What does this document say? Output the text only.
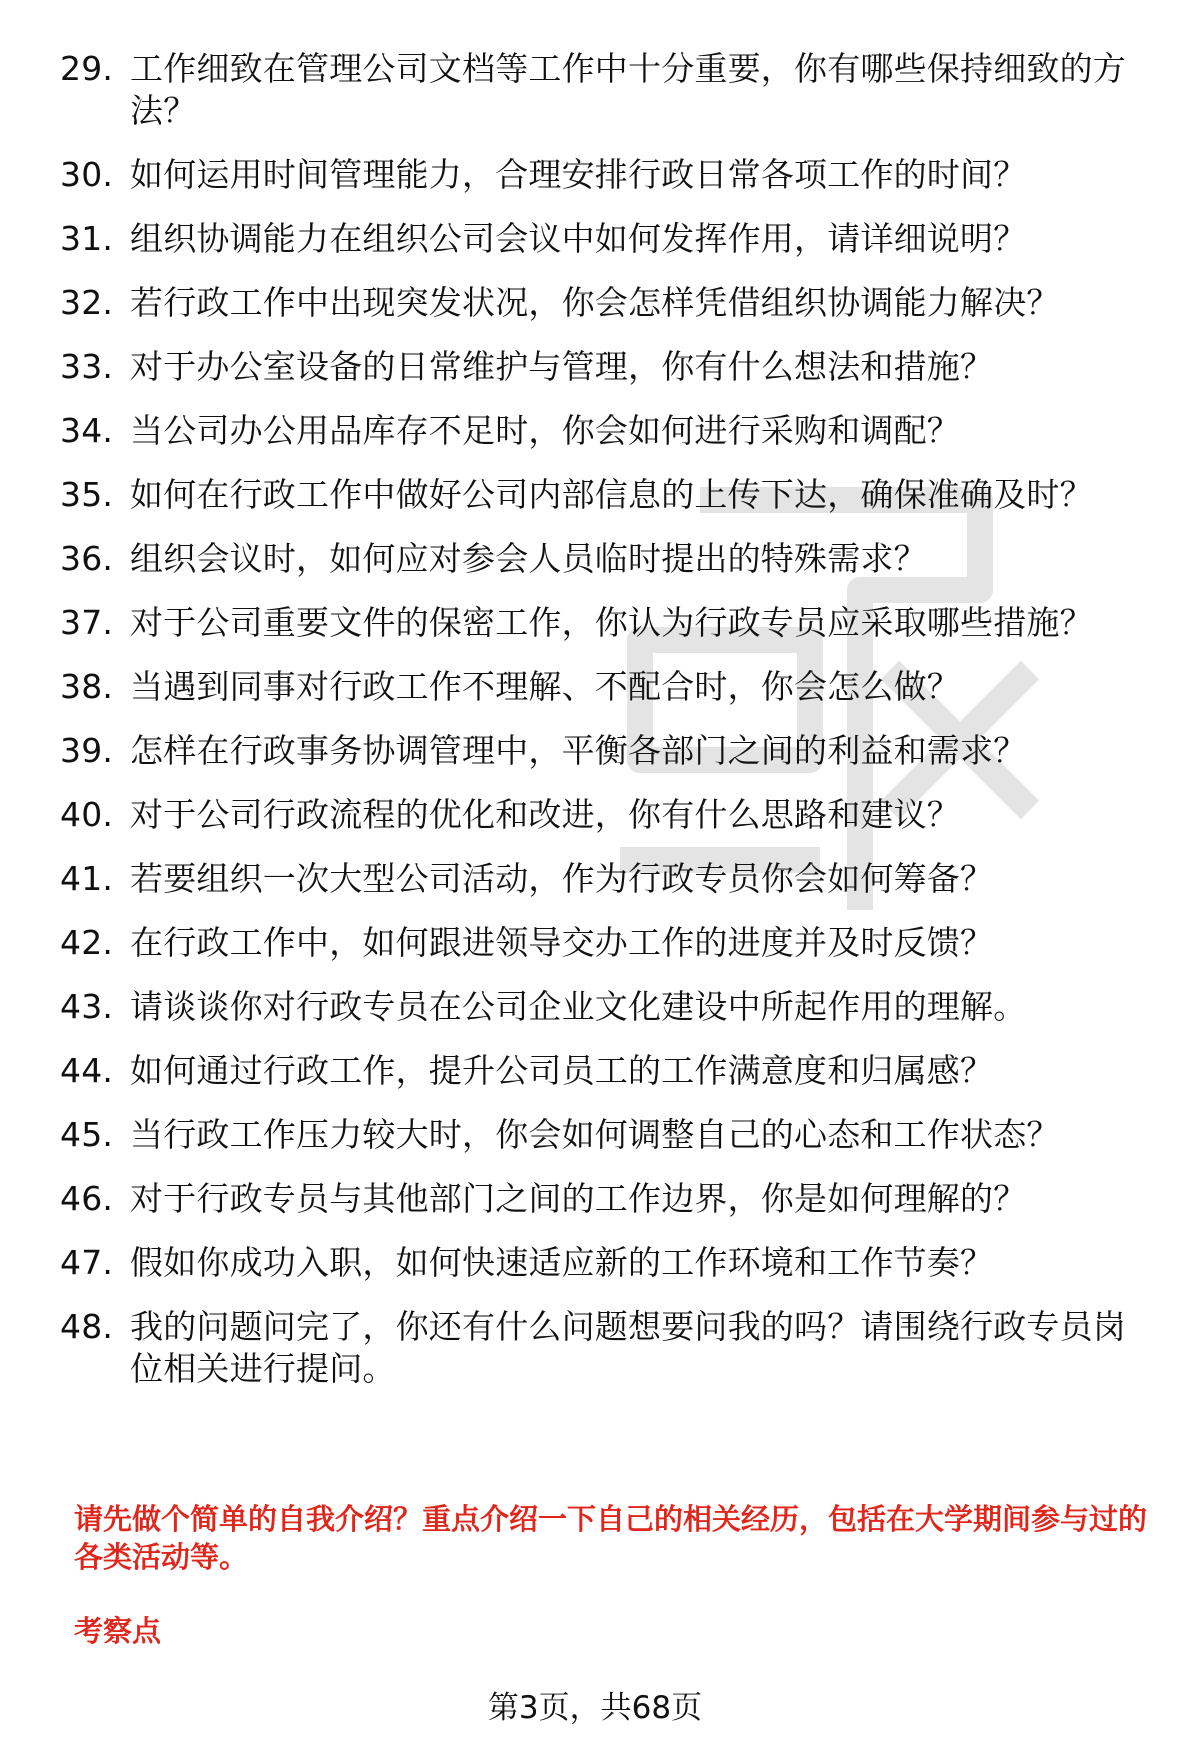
29. 工作细致在管理公司文档等工作中十分重要，你有哪些保持细致的方法？
30. 如何运用时间管理能力，合理安排行政日常各项工作的时间？
31. 组织协调能力在组织公司会议中如何发挥作用，请详细说明？
32. 若行政工作中出现突发状况，你会怎样凭借组织协调能力解决？
33. 对于办公室设备的日常维护与管理，你有什么想法和措施？
34. 当公司办公用品库存不足时，你会如何进行采购和调配？
35. 如何在行政工作中做好公司内部信息的上传下达，确保准确及时？
36. 组织会议时，如何应对参会人员临时提出的特殊需求？
37. 对于公司重要文件的保密工作，你认为行政专员应采取哪些措施？
38. 当遇到同事对行政工作不理解、不配合时，你会怎么做？
39. 怎样在行政事务协调管理中，平衡各部门之间的利益和需求？
40. 对于公司行政流程的优化和改进，你有什么思路和建议？
41. 若要组织一次大型公司活动，作为行政专员你会如何筹备？
42. 在行政工作中，如何跟进领导交办工作的进度并及时反馈？
43. 请谈谈你对行政专员在公司企业文化建设中所起作用的理解。
44. 如何通过行政工作，提升公司员工的工作满意度和归属感？
45. 当行政工作压力较大时，你会如何调整自己的心态和工作状态？
46. 对于行政专员与其他部门之间的工作边界，你是如何理解的？
47. 假如你成功入职，如何快速适应新的工作环境和工作节奏？
48. 我的问题问完了，你还有什么问题想要问我的吗？请围绕行政专员岗位相关进行提问。
请先做个简单的自我介绍？重点介绍一下自己的相关经历，包括在大学期间参与过的各类活动等。
考察点
第3页，共68页
